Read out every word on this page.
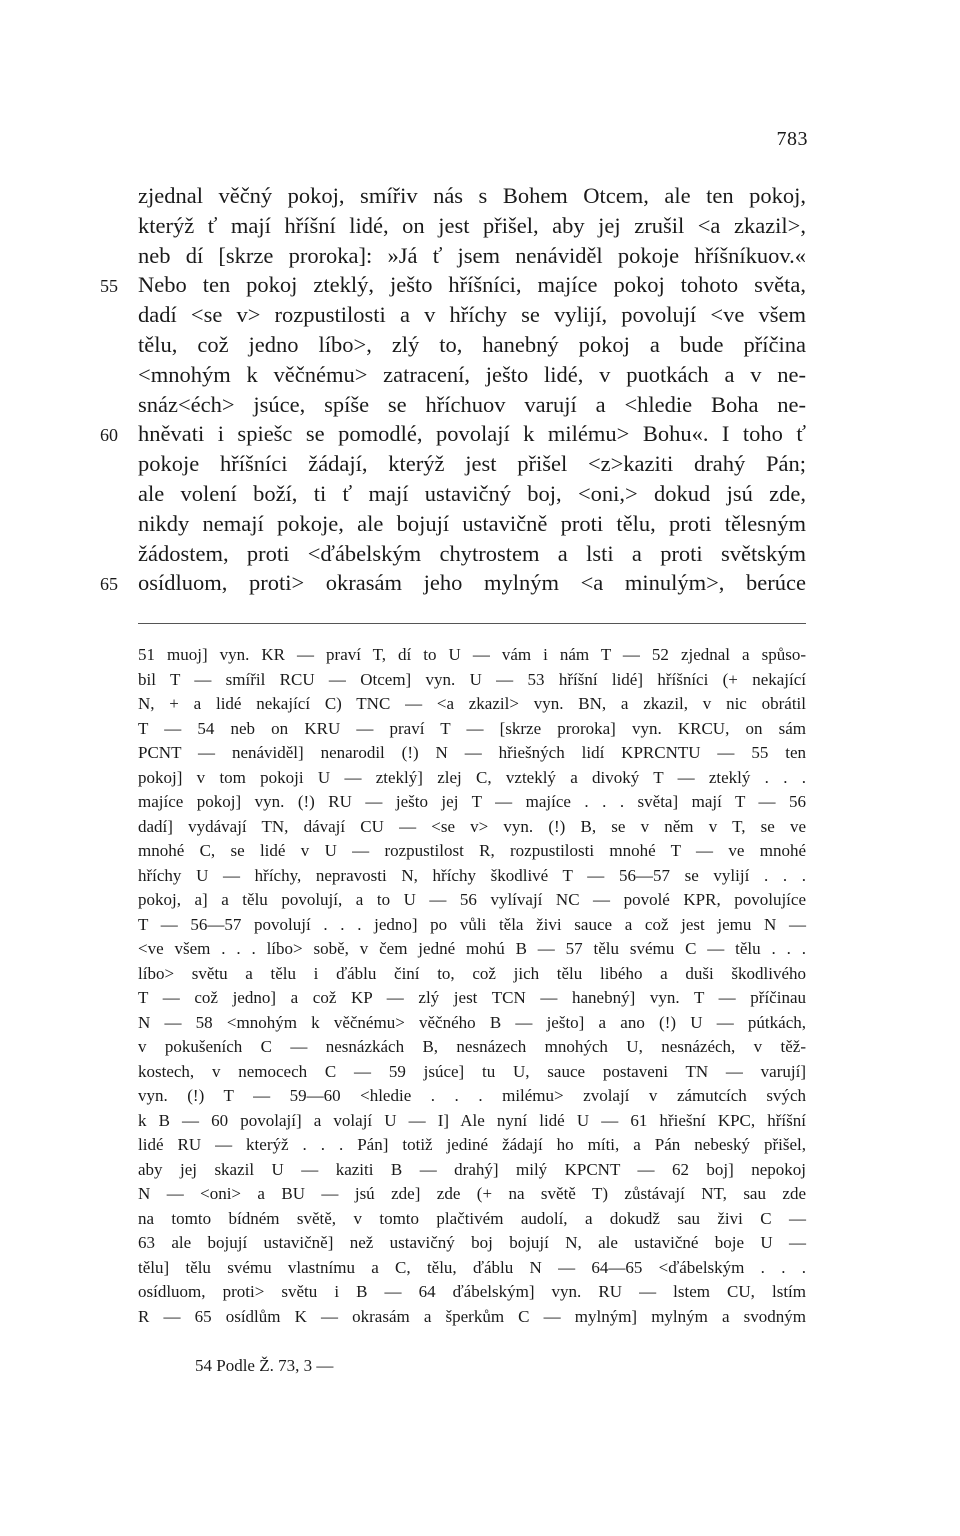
783
zjednal věčný pokoj, smířiv nás s Bohem Otcem, ale ten pokoj,
kterýž ť mají hříšní lidé, on jest přišel, aby jej zrušil <a zkazil>,
neb dí [skrze proroka]: »Já ť jsem nenáviděl pokoje hříšníkuov.«
55 Nebo ten pokoj zteklý, ješto hříšníci, majíce pokoj tohoto světa,
dadí <se v> rozpustilosti a v hříchy se vylijí, povolují <ve všem
tělu, což jedno líbo>, zlý to, hanebný pokoj a bude příčina
<mnohým k věčnému> zatracení, ješto lidé, v puotkách a v ne-
snáz<éch> jsúce, spíše se hříchuov varují a <hledie Boha ne-
60 hněvati i spiešc se pomodlé, povolají k milému> Bohu«. I toho ť
pokoje hříšníci žádají, kterýž jest přišel <z>kaziti drahý Pán;
ale volení boží, ti ť mají ustavičný boj, <oni,> dokud jsú zde,
nikdy nemají pokoje, ale bojují ustavičně proti tělu, proti tělesným
žádostem, proti <ďábelským chytrostem a lsti a proti světským
65 osídluom, proti> okrasám jeho mylným <a minulým>, berúce
51 muoj] vyn. KR — praví T, dí to U — vám i nám T — 52 zjednal a spůso-
bil T — smířil RCU — Otcem] vyn. U — 53 hříšní lidé] hříšníci (+ nekající
N, + a lidé nekající C) TNC — <a zkazil> vyn. BN, a zkazil, v nic obrátil
T — 54 neb on KRU — praví T — [skrze proroka] vyn. KRCU, on sám
PCNT — nenáviděl] nenarodil (!) N — hřiešných lidí KPRCNTU — 55 ten
pokoj] v tom pokoji U — zteklý] zlej C, vzteklý a divoký T — zteklý . . .
majíce pokoj] vyn. (!) RU — ješto jej T — majíce . . . světa] mají T — 56
dadí] vydávají TN, dávají CU — <se v> vyn. (!) B, se v něm v T, se ve
mnohé C, se lidé v U — rozpustilost R, rozpustilosti mnohé T — ve mnohé
hříchy U — hříchy, nepravosti N, hříchy škodlivé T — 56—57 se vylijí . . .
pokoj, a] a tělu povolují, a to U — 56 vylívají NC — povolé KPR, povolujíce
T — 56—57 povolují . . . jedno] po vůli těla živi sauce a což jest jemu N —
<ve všem . . . líbo> sobě, v čem jedné mohú B — 57 tělu svému C — tělu . . .
líbo> světu a tělu i ďáblu činí to, což jich tělu libého a duši škodlivého
T — což jedno] a což KP — zlý jest TCN — hanebný] vyn. T — příčinau
N — 58 <mnohým k věčnému> věčného B — ješto] a ano (!) U — pútkách,
v pokušeních C — nesnázkách B, nesnázech mnohých U, nesnázéch, v těž-
kostech, v nemocech C — 59 jsúce] tu U, sauce postaveni TN — varují]
vyn. (!) T — 59—60 <hledie . . . milému> zvolají v zámutcích svých
k B — 60 povolají] a volají U — I] Ale nyní lidé U — 61 hřiešní KPC, hříšní
lidé RU — kterýž . . . Pán] totiž jediné žádají ho míti, a Pán nebeský přišel,
aby jej skazil U — kaziti B — drahý] milý KPCNT — 62 boj] nepokoj
N — <oni> a BU — jsú zde] zde (+ na světě T) zůstávají NT, sau zde
na tomto bídném světě, v tomto plačtivém audolí, a dokudž sau živi C —
63 ale bojují ustavičně] než ustavičný boj bojují N, ale ustavičné boje U —
tělu] tělu svému vlastnímu a C, tělu, ďáblu N — 64—65 <ďábelským . . .
osídluom, proti> světu i B — 64 ďábelským] vyn. RU — lstem CU, lstím
R — 65 osídlům K — okrasám a šperkům C — mylným] mylným a svodným
54 Podle Ž. 73, 3 —
